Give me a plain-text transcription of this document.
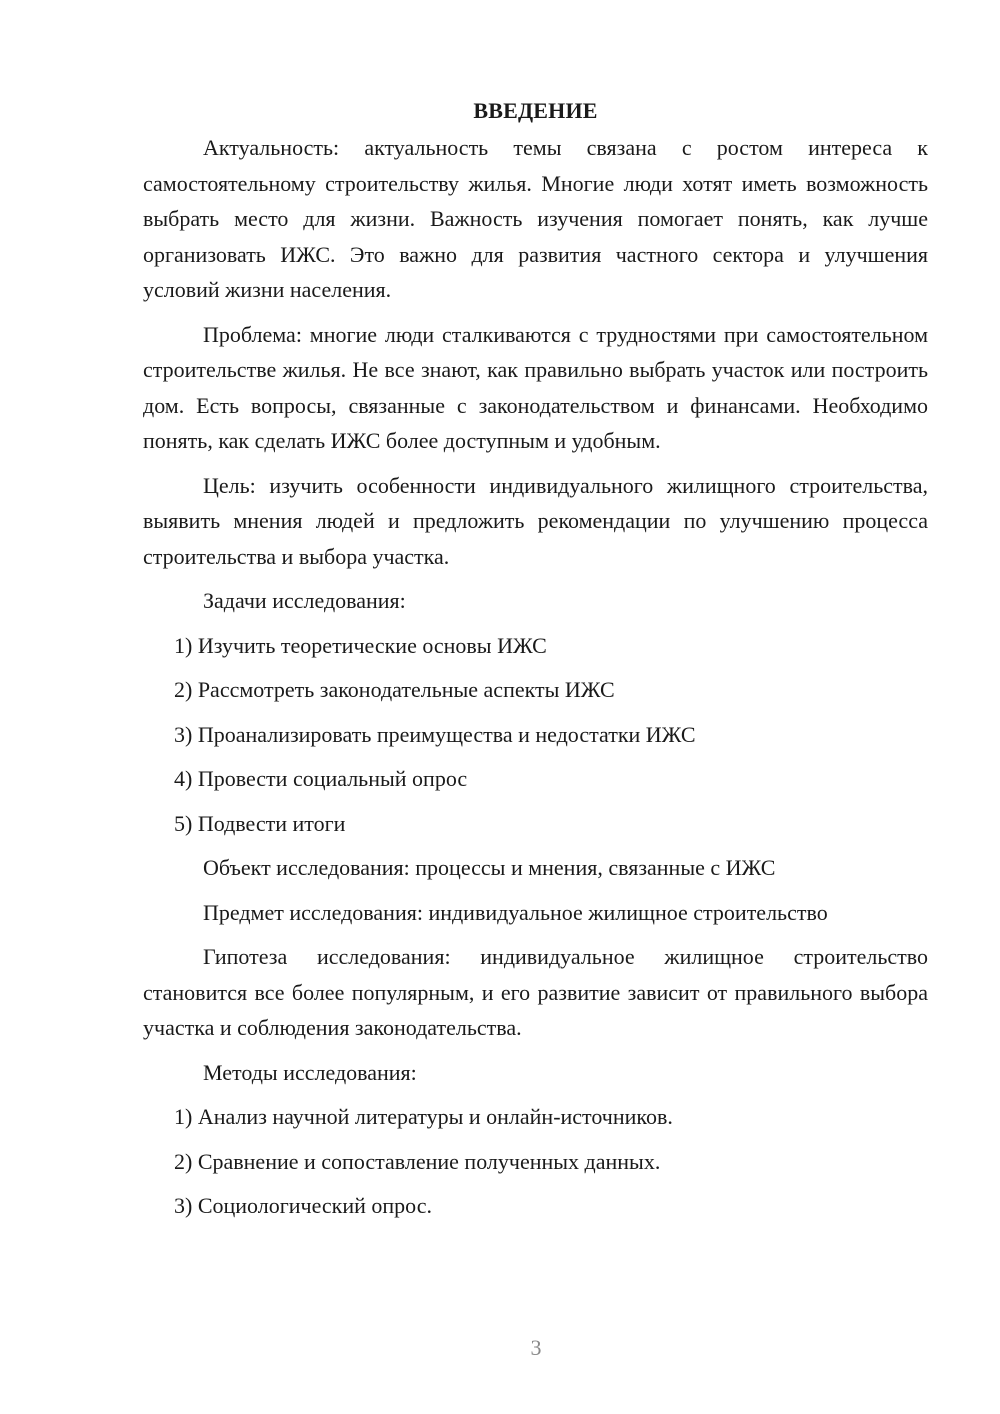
ВВЕДЕНИЕ

Актуальность: актуальность темы связана с ростом интереса к самостоятельному строительству жилья. Многие люди хотят иметь возможность выбрать место для жизни. Важность изучения помогает понять, как лучше организовать ИЖС. Это важно для развития частного сектора и улучшения условий жизни населения.

Проблема: многие люди сталкиваются с трудностями при самостоятельном строительстве жилья. Не все знают, как правильно выбрать участок или построить дом. Есть вопросы, связанные с законодательством и финансами. Необходимо понять, как сделать ИЖС более доступным и удобным.

Цель: изучить особенности индивидуального жилищного строительства, выявить мнения людей и предложить рекомендации по улучшению процесса строительства и выбора участка.

Задачи исследования:

1) Изучить теоретические основы ИЖС
2) Рассмотреть законодательные аспекты ИЖС
3) Проанализировать преимущества и недостатки ИЖС
4) Провести социальный опрос
5) Подвести итоги

Объект исследования: процессы и мнения, связанные с ИЖС

Предмет исследования: индивидуальное жилищное строительство

Гипотеза исследования: индивидуальное жилищное строительство становится все более популярным, и его развитие зависит от правильного выбора участка и соблюдения законодательства.

Методы исследования:

1) Анализ научной литературы и онлайн-источников.
2) Сравнение и сопоставление полученных данных.
3) Социологический опрос.
3
